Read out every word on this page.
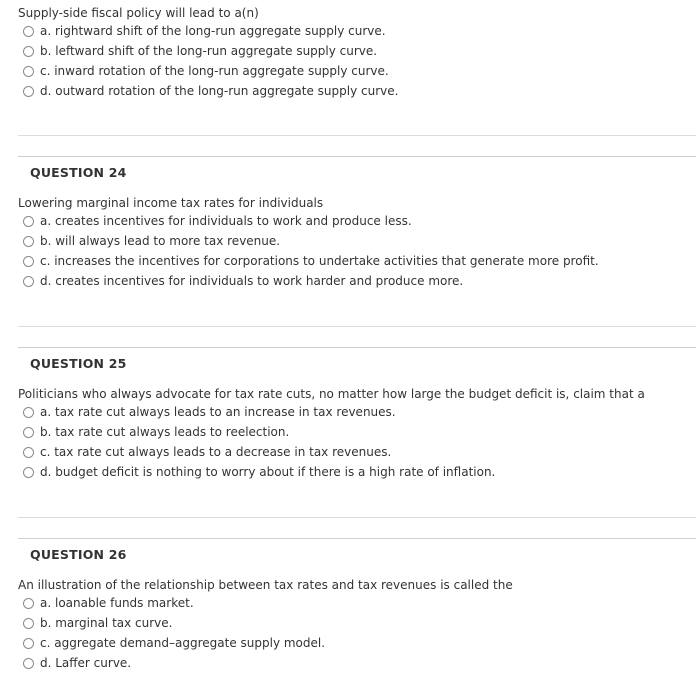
Supply-side fiscal policy will lead to a(n)
a. rightward shift of the long-run aggregate supply curve.
b. leftward shift of the long-run aggregate supply curve.
c. inward rotation of the long-run aggregate supply curve.
d. outward rotation of the long-run aggregate supply curve.
QUESTION 24
Lowering marginal income tax rates for individuals
a. creates incentives for individuals to work and produce less.
b. will always lead to more tax revenue.
c. increases the incentives for corporations to undertake activities that generate more profit.
d. creates incentives for individuals to work harder and produce more.
QUESTION 25
Politicians who always advocate for tax rate cuts, no matter how large the budget deficit is, claim that a
a. tax rate cut always leads to an increase in tax revenues.
b. tax rate cut always leads to reelection.
c. tax rate cut always leads to a decrease in tax revenues.
d. budget deficit is nothing to worry about if there is a high rate of inflation.
QUESTION 26
An illustration of the relationship between tax rates and tax revenues is called the
a. loanable funds market.
b. marginal tax curve.
c. aggregate demand–aggregate supply model.
d. Laffer curve.
